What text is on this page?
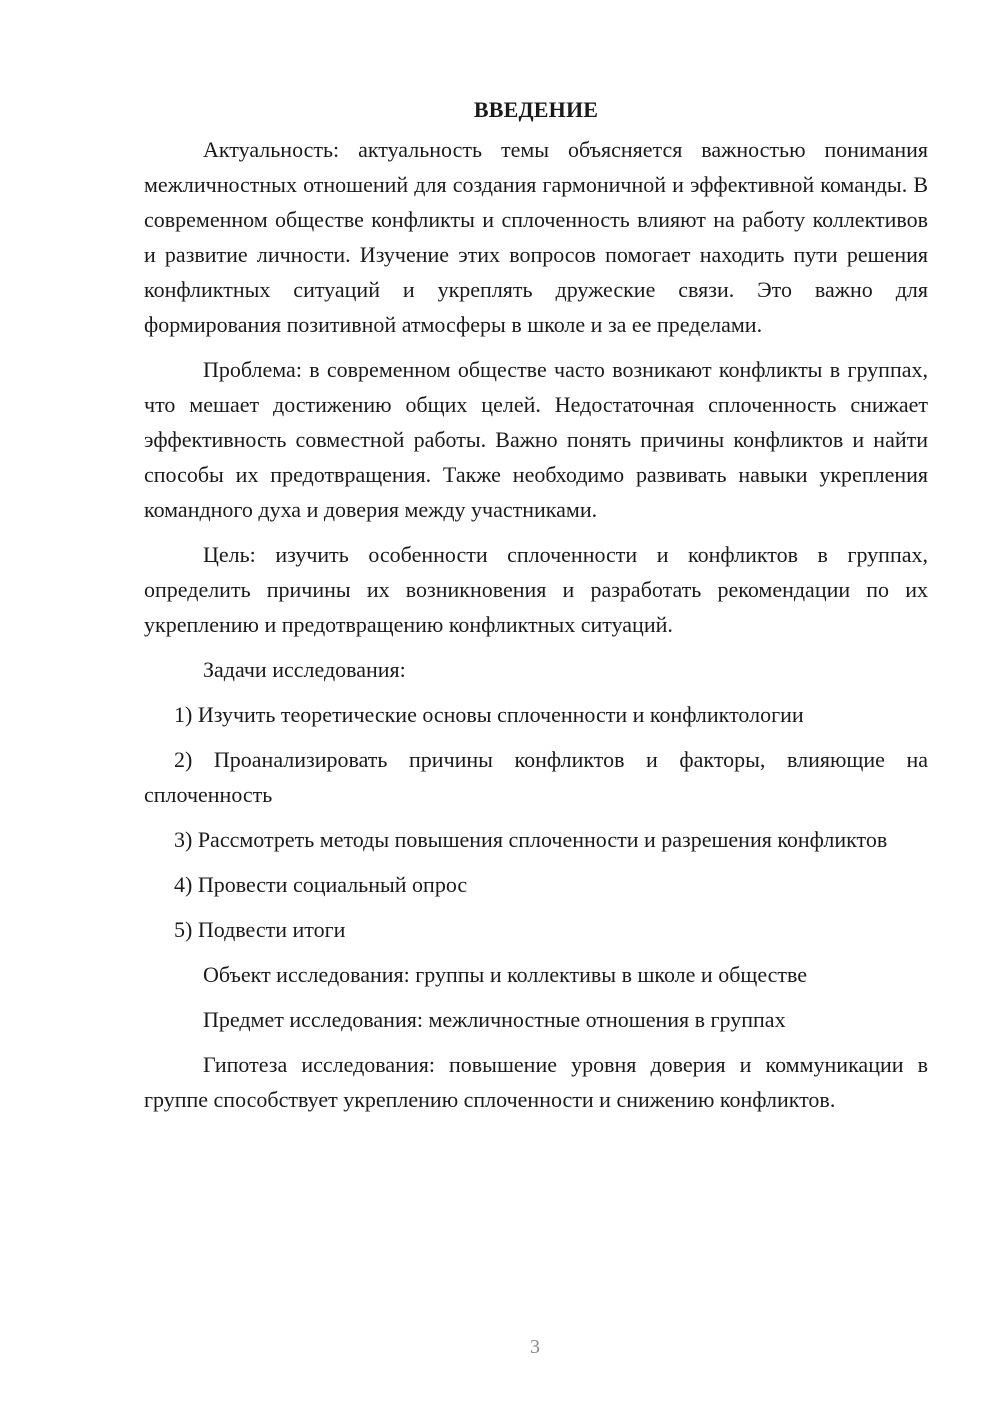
ВВЕДЕНИЕ

Актуальность: актуальность темы объясняется важностью понимания межличностных отношений для создания гармоничной и эффективной команды. В современном обществе конфликты и сплоченность влияют на работу коллективов и развитие личности. Изучение этих вопросов помогает находить пути решения конфликтных ситуаций и укреплять дружеские связи. Это важно для формирования позитивной атмосферы в школе и за ее пределами.

Проблема: в современном обществе часто возникают конфликты в группах, что мешает достижению общих целей. Недостаточная сплоченность снижает эффективность совместной работы. Важно понять причины конфликтов и найти способы их предотвращения. Также необходимо развивать навыки укрепления командного духа и доверия между участниками.

Цель: изучить особенности сплоченности и конфликтов в группах, определить причины их возникновения и разработать рекомендации по их укреплению и предотвращению конфликтных ситуаций.

Задачи исследования:

1) Изучить теоретические основы сплоченности и конфликтологии

2) Проанализировать причины конфликтов и факторы, влияющие на сплоченность

3) Рассмотреть методы повышения сплоченности и разрешения конфликтов

4) Провести социальный опрос

5) Подвести итоги

Объект исследования: группы и коллективы в школе и обществе

Предмет исследования: межличностные отношения в группах

Гипотеза исследования: повышение уровня доверия и коммуникации в группе способствует укреплению сплоченности и снижению конфликтов.

3
